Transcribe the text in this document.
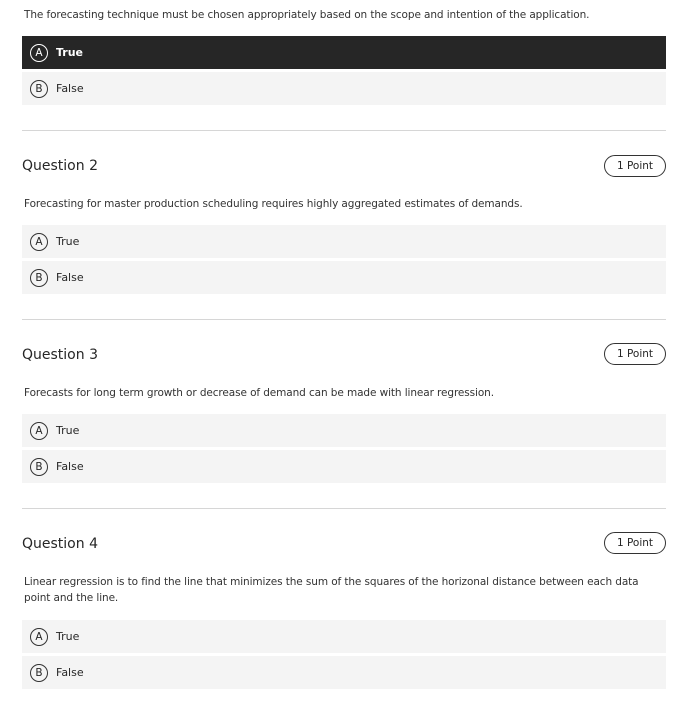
The forecasting technique must be chosen appropriately based on the scope and intention of the application.
A	True
B	False
Question 2	1 Point
Forecasting for master production scheduling requires highly aggregated estimates of demands.
A	True
B	False
Question 3	1 Point
Forecasts for long term growth or decrease of demand can be made with linear regression.
A	True
B	False
Question 4	1 Point
Linear regression is to find the line that minimizes the sum of the squares of the horizonal distance between each data point and the line.
A	True
B	False
